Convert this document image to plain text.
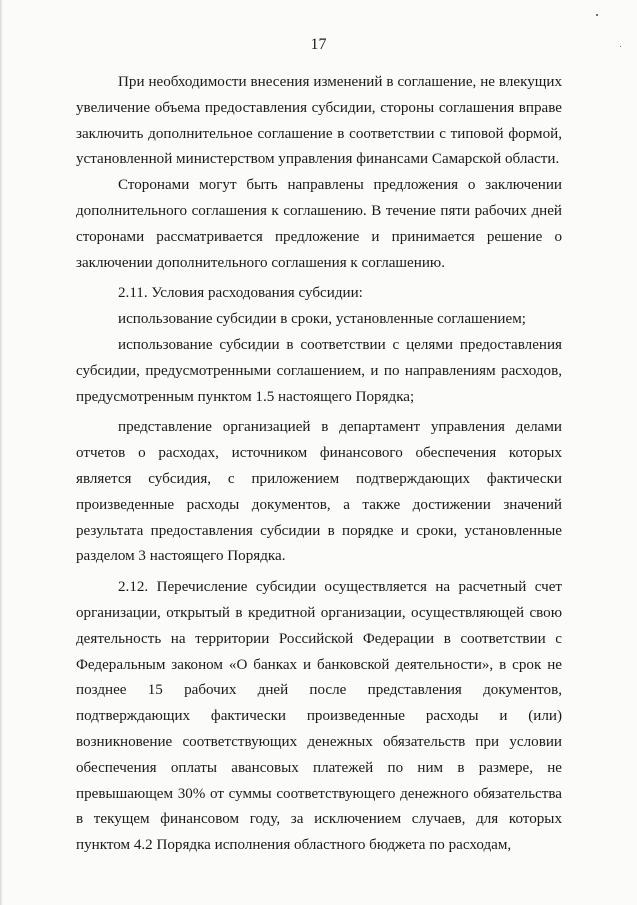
17

При необходимости внесения изменений в соглашение, не влекущих увеличение объема предоставления субсидии, стороны соглашения вправе заключить дополнительное соглашение в соответствии с типовой формой, установленной министерством управления финансами Самарской области.

Сторонами могут быть направлены предложения о заключении дополнительного соглашения к соглашению. В течение пяти рабочих дней сторонами рассматривается предложение и принимается решение о заключении дополнительного соглашения к соглашению.

2.11. Условия расходования субсидии:

использование субсидии в сроки, установленные соглашением;

использование субсидии в соответствии с целями предоставления субсидии, предусмотренными соглашением, и по направлениям расходов, предусмотренным пунктом 1.5 настоящего Порядка;

представление организацией в департамент управления делами отчетов о расходах, источником финансового обеспечения которых является субсидия, с приложением подтверждающих фактически произведенные расходы документов, а также достижении значений результата предоставления субсидии в порядке и сроки, установленные разделом 3 настоящего Порядка.

2.12. Перечисление субсидии осуществляется на расчетный счет организации, открытый в кредитной организации, осуществляющей свою деятельность на территории Российской Федерации в соответствии с Федеральным законом «О банках и банковской деятельности», в срок не позднее 15 рабочих дней после представления документов, подтверждающих фактически произведенные расходы и (или) возникновение соответствующих денежных обязательств при условии обеспечения оплаты авансовых платежей по ним в размере, не превышающем 30% от суммы соответствующего денежного обязательства в текущем финансовом году, за исключением случаев, для которых пунктом 4.2 Порядка исполнения областного бюджета по расходам,
